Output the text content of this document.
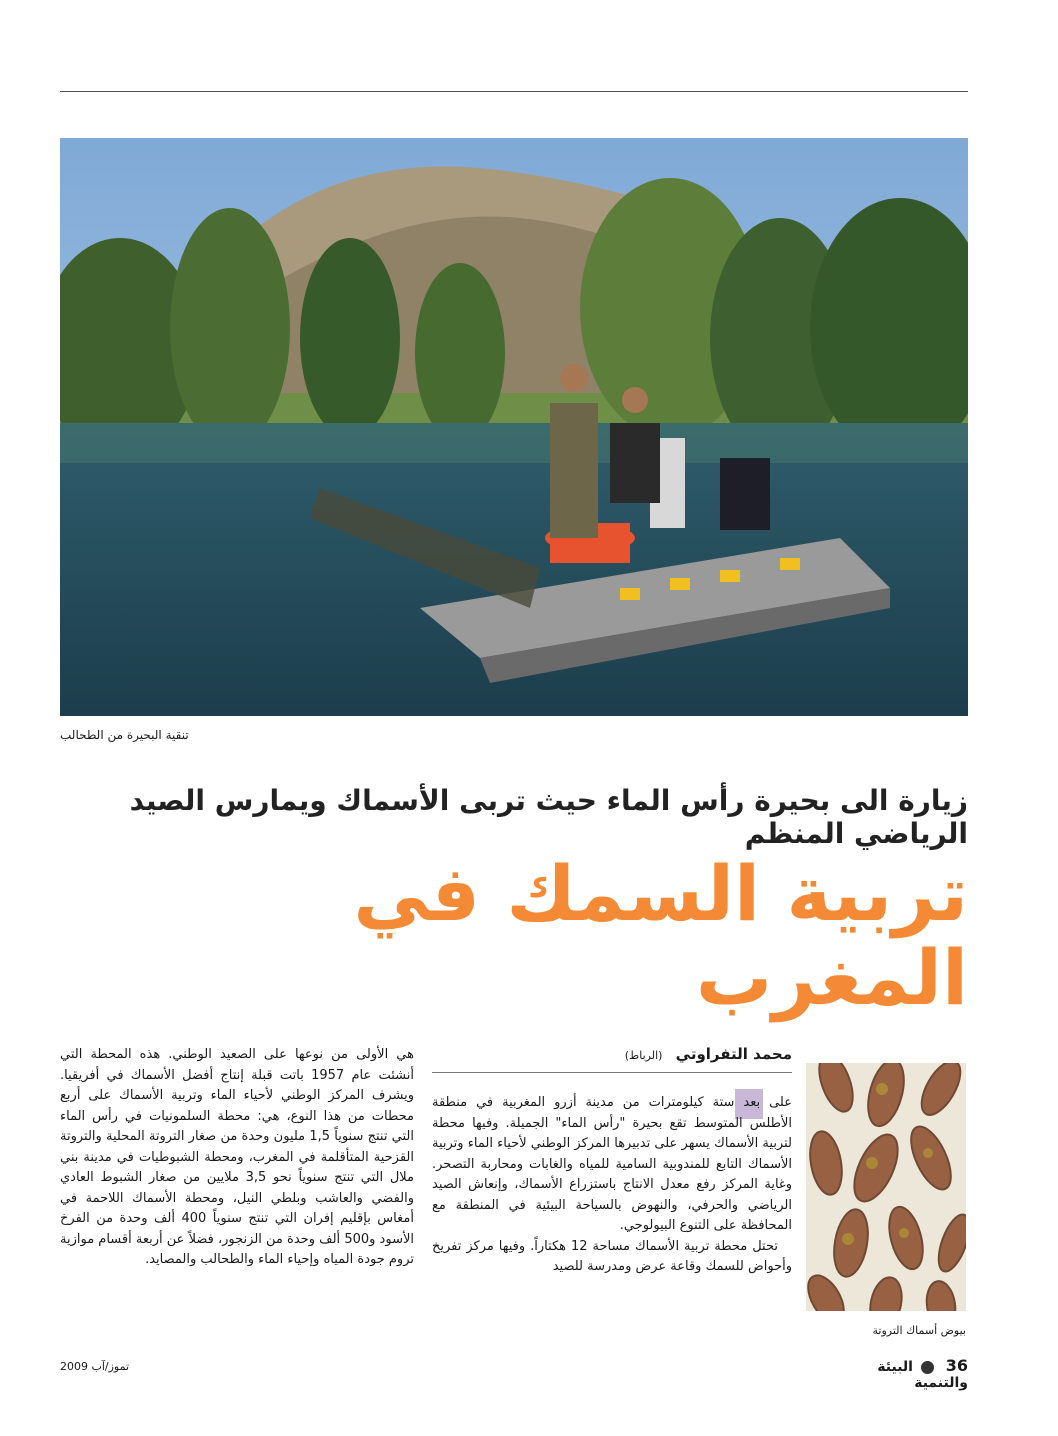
تنقية البحيرة من الطحالب
زيارة الى بحيرة رأس الماء حيث تربى الأسماك ويمارس الصيد الرياضي المنظم
تربية السمك في المغرب
بيوض أسماك التروتة
محمد التفراوتي (الرباط)

على بعد ستة كيلومترات من مدينة أزرو المغربية في منطقة الأطلس المتوسط تقع بحيرة "رأس الماء" الجميلة. وفيها محطة لتربية الأسماك يسهر على تدبيرها المركز الوطني لأحياء الماء وتربية الأسماك التابع للمندوبية السامية للمياه والغابات ومحاربة التصحر. وغاية المركز رفع معدل الانتاج باستزراع الأسماك، وإنعاش الصيد الرياضي والحرفي، والنهوض بالسياحة البيئية في المنطقة مع المحافظة على التنوع البيولوجي.

تحتل محطة تربية الأسماك مساحة 12 هكتاراً. وفيها مركز تفريخ وأحواض للسمك وقاعة عرض ومدرسة للصيد

هي الأولى من نوعها على الصعيد الوطني. هذه المحطة التي أنشئت عام 1957 باتت قبلة إنتاج أفضل الأسماك في أفريقيا. ويشرف المركز الوطني لأحياء الماء وتربية الأسماك على أربع محطات من هذا النوع، هي: محطة السلمونيات في رأس الماء التي تنتج سنوياً 1,5 مليون وحدة من صغار التروتة المحلية والتروتة القزحية المتأقلمة في المغرب، ومحطة الشبوطيات في مدينة بني ملال التي تنتج سنوياً نحو 3,5 ملايين من صغار الشبوط العادي والفضي والعاشب وبلطي النيل، ومحطة الأسماك اللاحمة في أمغاس بإقليم إفران التي تنتج سنوياً 400 ألف وحدة من الفرخ الأسود و500 ألف وحدة من الزنجور، فضلاً عن أربعة أقسام موازية تروم جودة المياه وإحياء الماء والطحالب والمصايد.
تموز/آب 2009	36  البيئة والتنمية
